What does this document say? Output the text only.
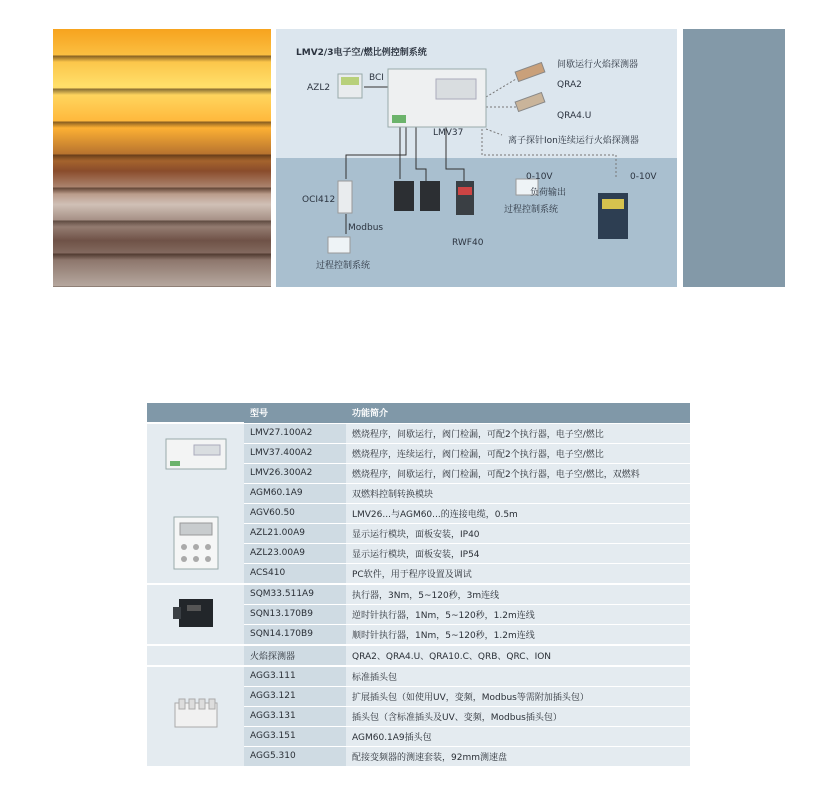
LMV2/3电子空/燃比例控制系统
AZL2
BCI
间歇运行火焰探测器
QRA2
QRA4.U
LMV37
离子探针Ion连续运行火焰探测器
OCI412
Modbus
过程控制系统
RWF40
0-10V
负荷输出
过程控制系统
0-10V
	型号	功能简介
	LMV27.100A2	燃烧程序，间歇运行，阀门检漏，可配2个执行器，电子空/燃比
	LMV37.400A2	燃烧程序，连续运行，阀门检漏，可配2个执行器，电子空/燃比
	LMV26.300A2	燃烧程序，间歇运行，阀门检漏，可配2个执行器，电子空/燃比，双燃料
	AGM60.1A9	双燃料控制转换模块
	AGV60.50	LMV26...与AGM60...的连接电缆，0.5m
	AZL21.00A9	显示运行模块，面板安装，IP40
	AZL23.00A9	显示运行模块，面板安装，IP54
	ACS410	PC软件，用于程序设置及调试
	SQM33.511A9	执行器，3Nm，5~120秒，3m连线
	SQN13.170B9	逆时针执行器，1Nm，5~120秒，1.2m连线
	SQN14.170B9	顺时针执行器，1Nm，5~120秒，1.2m连线
	火焰探测器	QRA2、QRA4.U、QRA10.C、QRB、QRC、ION
	AGG3.111	标准插头包
	AGG3.121	扩展插头包（如使用UV，变频，Modbus等需附加插头包）
	AGG3.131	插头包（含标准插头及UV、变频，Modbus插头包）
	AGG3.151	AGM60.1A9插头包
	AGG5.310	配接变频器的测速套装，92mm测速盘
